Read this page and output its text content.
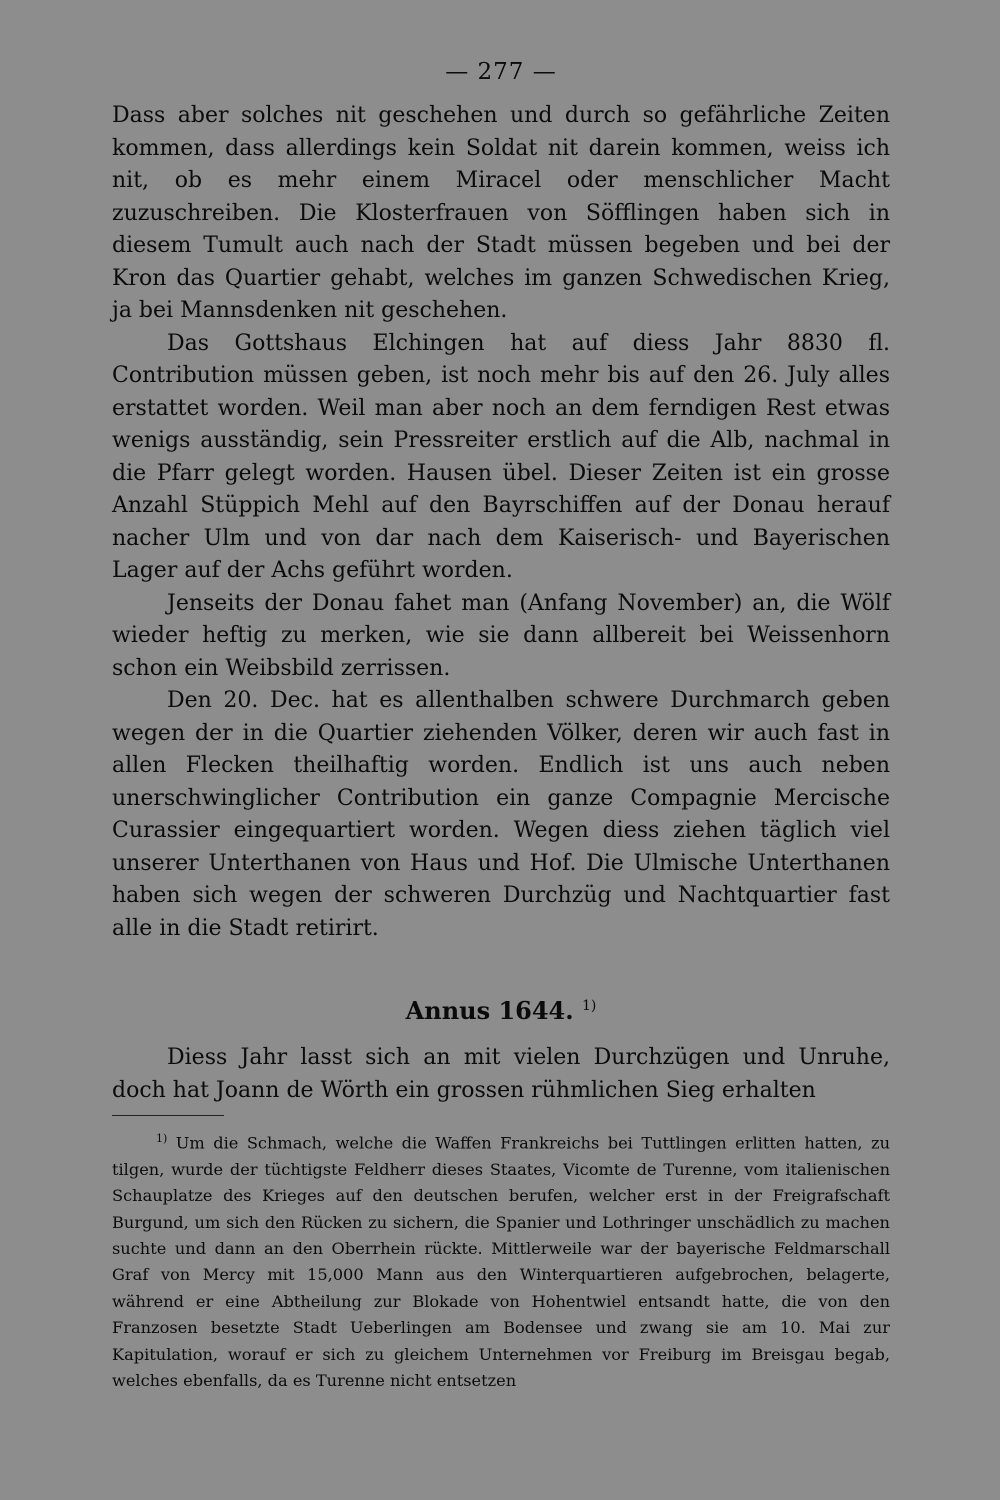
— 277 —

Dass aber solches nit geschehen und durch so gefährliche Zeiten kommen, dass allerdings kein Soldat nit darein kommen, weiss ich nit, ob es mehr einem Miracel oder menschlicher Macht zuzuschreiben. Die Klosterfrauen von Söfflingen haben sich in diesem Tumult auch nach der Stadt müssen begeben und bei der Kron das Quartier gehabt, welches im ganzen Schwedischen Krieg, ja bei Mannsdenken nit geschehen.

Das Gottshaus Elchingen hat auf diess Jahr 8830 fl. Contribution müssen geben, ist noch mehr bis auf den 26. July alles erstattet worden. Weil man aber noch an dem ferndigen Rest etwas wenigs ausständig, sein Pressreiter erstlich auf die Alb, nachmal in die Pfarr gelegt worden. Hausen übel. Dieser Zeiten ist ein grosse Anzahl Stüppich Mehl auf den Bayrschiffen auf der Donau herauf nacher Ulm und von dar nach dem Kaiserisch- und Bayerischen Lager auf der Achs geführt worden.

Jenseits der Donau fahet man (Anfang November) an, die Wölf wieder heftig zu merken, wie sie dann allbereit bei Weissenhorn schon ein Weibsbild zerrissen.

Den 20. Dec. hat es allenthalben schwere Durchmarch geben wegen der in die Quartier ziehenden Völker, deren wir auch fast in allen Flecken theilhaftig worden. Endlich ist uns auch neben unerschwinglicher Contribution ein ganze Compagnie Mercische Curassier eingequartiert worden. Wegen diess ziehen täglich viel unserer Unterthanen von Haus und Hof. Die Ulmische Unterthanen haben sich wegen der schweren Durchzüg und Nachtquartier fast alle in die Stadt retirirt.

Annus 1644. $^{1)}$

Diess Jahr lasst sich an mit vielen Durchzügen und Unruhe, doch hat Joann de Wörth ein grossen rühmlichen Sieg erhalten

$^{1)}$ Um die Schmach, welche die Waffen Frankreichs bei Tuttlingen erlitten hatten, zu tilgen, wurde der tüchtigste Feldherr dieses Staates, Vicomte de Turenne, vom italienischen Schauplatze des Krieges auf den deutschen berufen, welcher erst in der Freigrafschaft Burgund, um sich den Rücken zu sichern, die Spanier und Lothringer unschädlich zu machen suchte und dann an den Oberrhein rückte. Mittlerweile war der bayerische Feldmarschall Graf von Mercy mit 15,000 Mann aus den Winterquartieren aufgebrochen, belagerte, während er eine Abtheilung zur Blokade von Hohentwiel entsandt hatte, die von den Franzosen besetzte Stadt Ueberlingen am Bodensee und zwang sie am 10. Mai zur Kapitulation, worauf er sich zu gleichem Unternehmen vor Freiburg im Breisgau begab, welches ebenfalls, da es Turenne nicht entsetzen
